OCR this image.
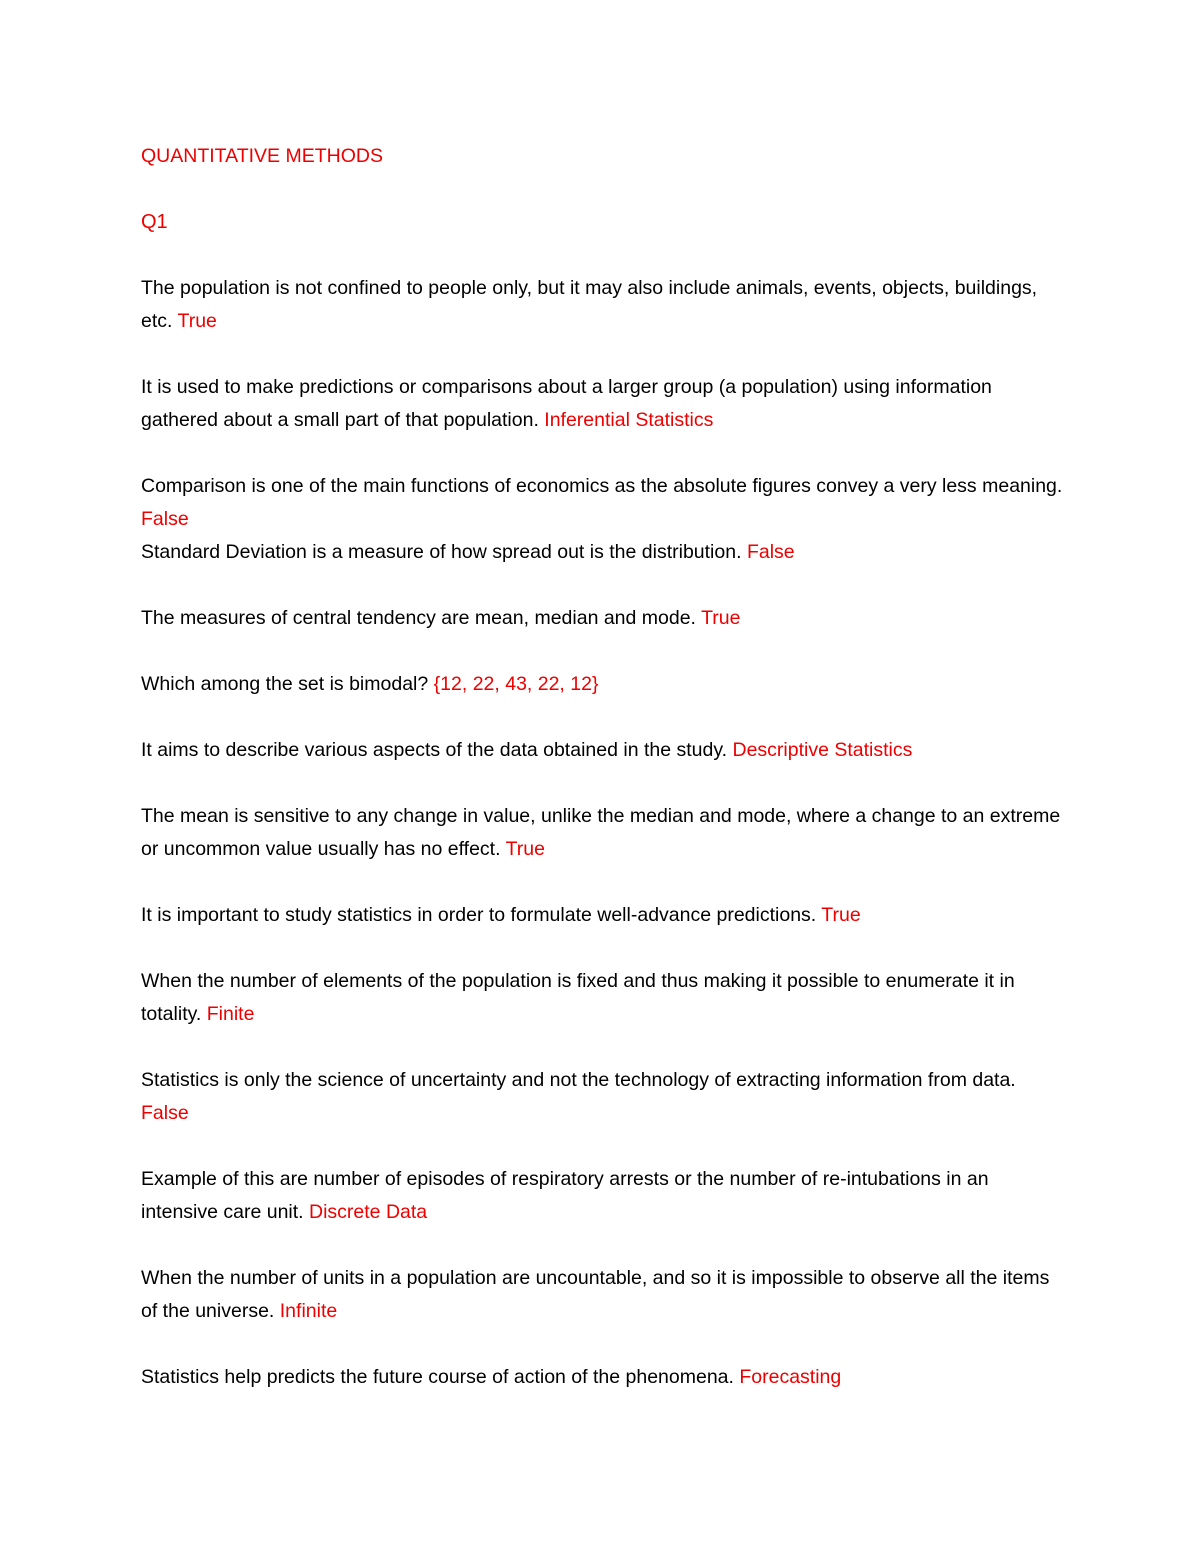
QUANTITATIVE METHODS
Q1

The population is not confined to people only, but it may also include animals, events, objects, buildings, etc. True

It is used to make predictions or comparisons about a larger group (a population) using information gathered about a small part of that population. Inferential Statistics

Comparison is one of the main functions of economics as the absolute figures convey a very less meaning. False

Standard Deviation is a measure of how spread out is the distribution. False

The measures of central tendency are mean, median and mode. True

Which among the set is bimodal? {12, 22, 43, 22, 12}

It aims to describe various aspects of the data obtained in the study. Descriptive Statistics

The mean is sensitive to any change in value, unlike the median and mode, where a change to an extreme or uncommon value usually has no effect. True

It is important to study statistics in order to formulate well-advance predictions. True

When the number of elements of the population is fixed and thus making it possible to enumerate it in totality. Finite

Statistics is only the science of uncertainty and not the technology of extracting information from data. False

Example of this are number of episodes of respiratory arrests or the number of re-intubations in an intensive care unit. Discrete Data

When the number of units in a population are uncountable, and so it is impossible to observe all the items of the universe. Infinite

Statistics help predicts the future course of action of the phenomena. Forecasting
